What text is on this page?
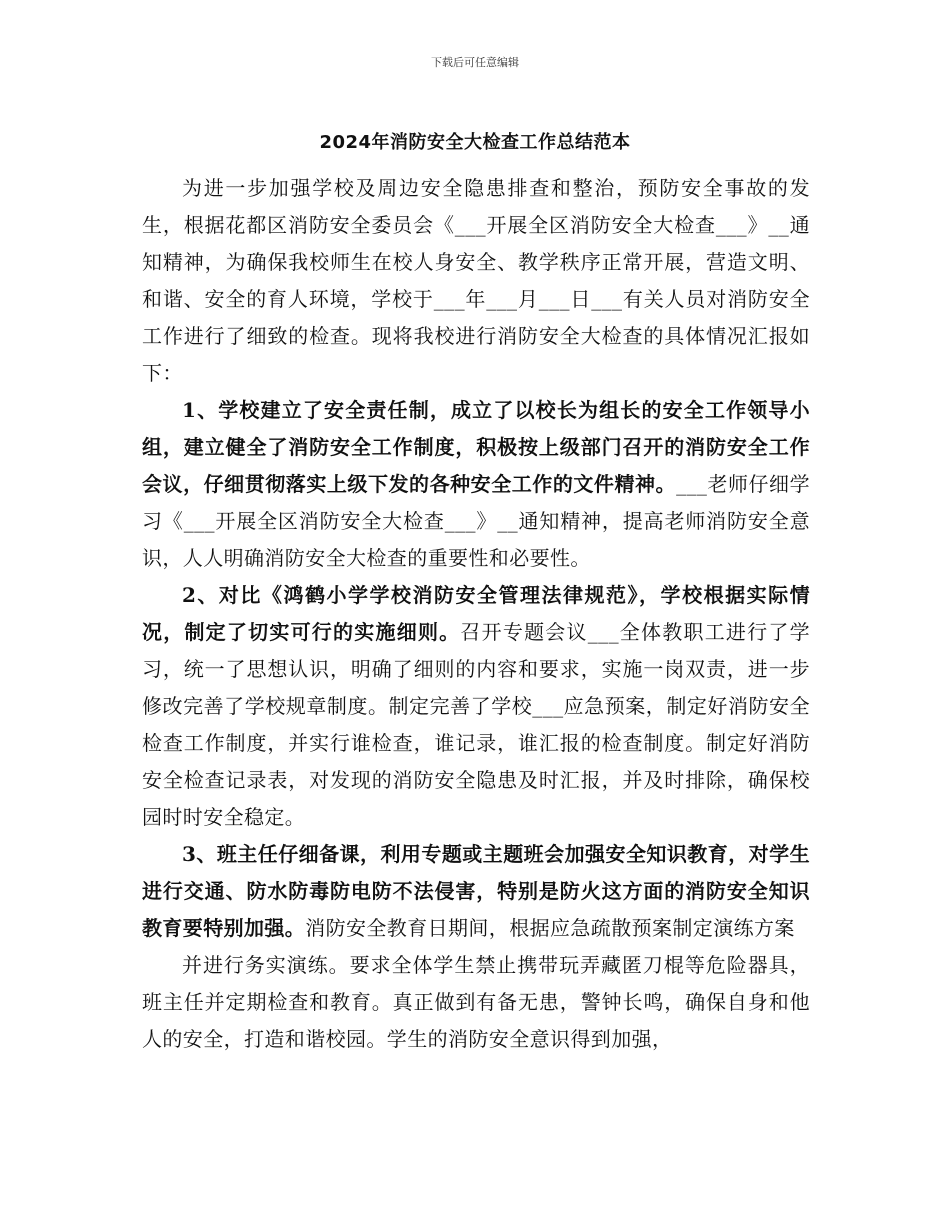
下载后可任意编辑
2024年消防安全大检查工作总结范本

为进一步加强学校及周边安全隐患排查和整治，预防安全事故的发生，根据花都区消防安全委员会《___开展全区消防安全大检查___》__通知精神，为确保我校师生在校人身安全、教学秩序正常开展，营造文明、和谐、安全的育人环境，学校于___年___月___日___有关人员对消防安全工作进行了细致的检查。现将我校进行消防安全大检查的具体情况汇报如下：

1、学校建立了安全责任制，成立了以校长为组长的安全工作领导小组，建立健全了消防安全工作制度，积极按上级部门召开的消防安全工作会议，仔细贯彻落实上级下发的各种安全工作的文件精神。___老师仔细学习《___开展全区消防安全大检查___》__通知精神，提高老师消防安全意识，人人明确消防安全大检查的重要性和必要性。

2、对比《鸿鹤小学学校消防安全管理法律规范》，学校根据实际情况，制定了切实可行的实施细则。召开专题会议___全体教职工进行了学习，统一了思想认识，明确了细则的内容和要求，实施一岗双责，进一步修改完善了学校规章制度。制定完善了学校___应急预案，制定好消防安全检查工作制度，并实行谁检查，谁记录，谁汇报的检查制度。制定好消防安全检查记录表，对发现的消防安全隐患及时汇报，并及时排除，确保校园时时安全稳定。

3、班主任仔细备课，利用专题或主题班会加强安全知识教育，对学生进行交通、防水防毒防电防不法侵害，特别是防火这方面的消防安全知识教育要特别加强。消防安全教育日期间，根据应急疏散预案制定演练方案

并进行务实演练。要求全体学生禁止携带玩弄藏匿刀棍等危险器具，班主任并定期检查和教育。真正做到有备无患，警钟长鸣，确保自身和他人的安全，打造和谐校园。学生的消防安全意识得到加强，
